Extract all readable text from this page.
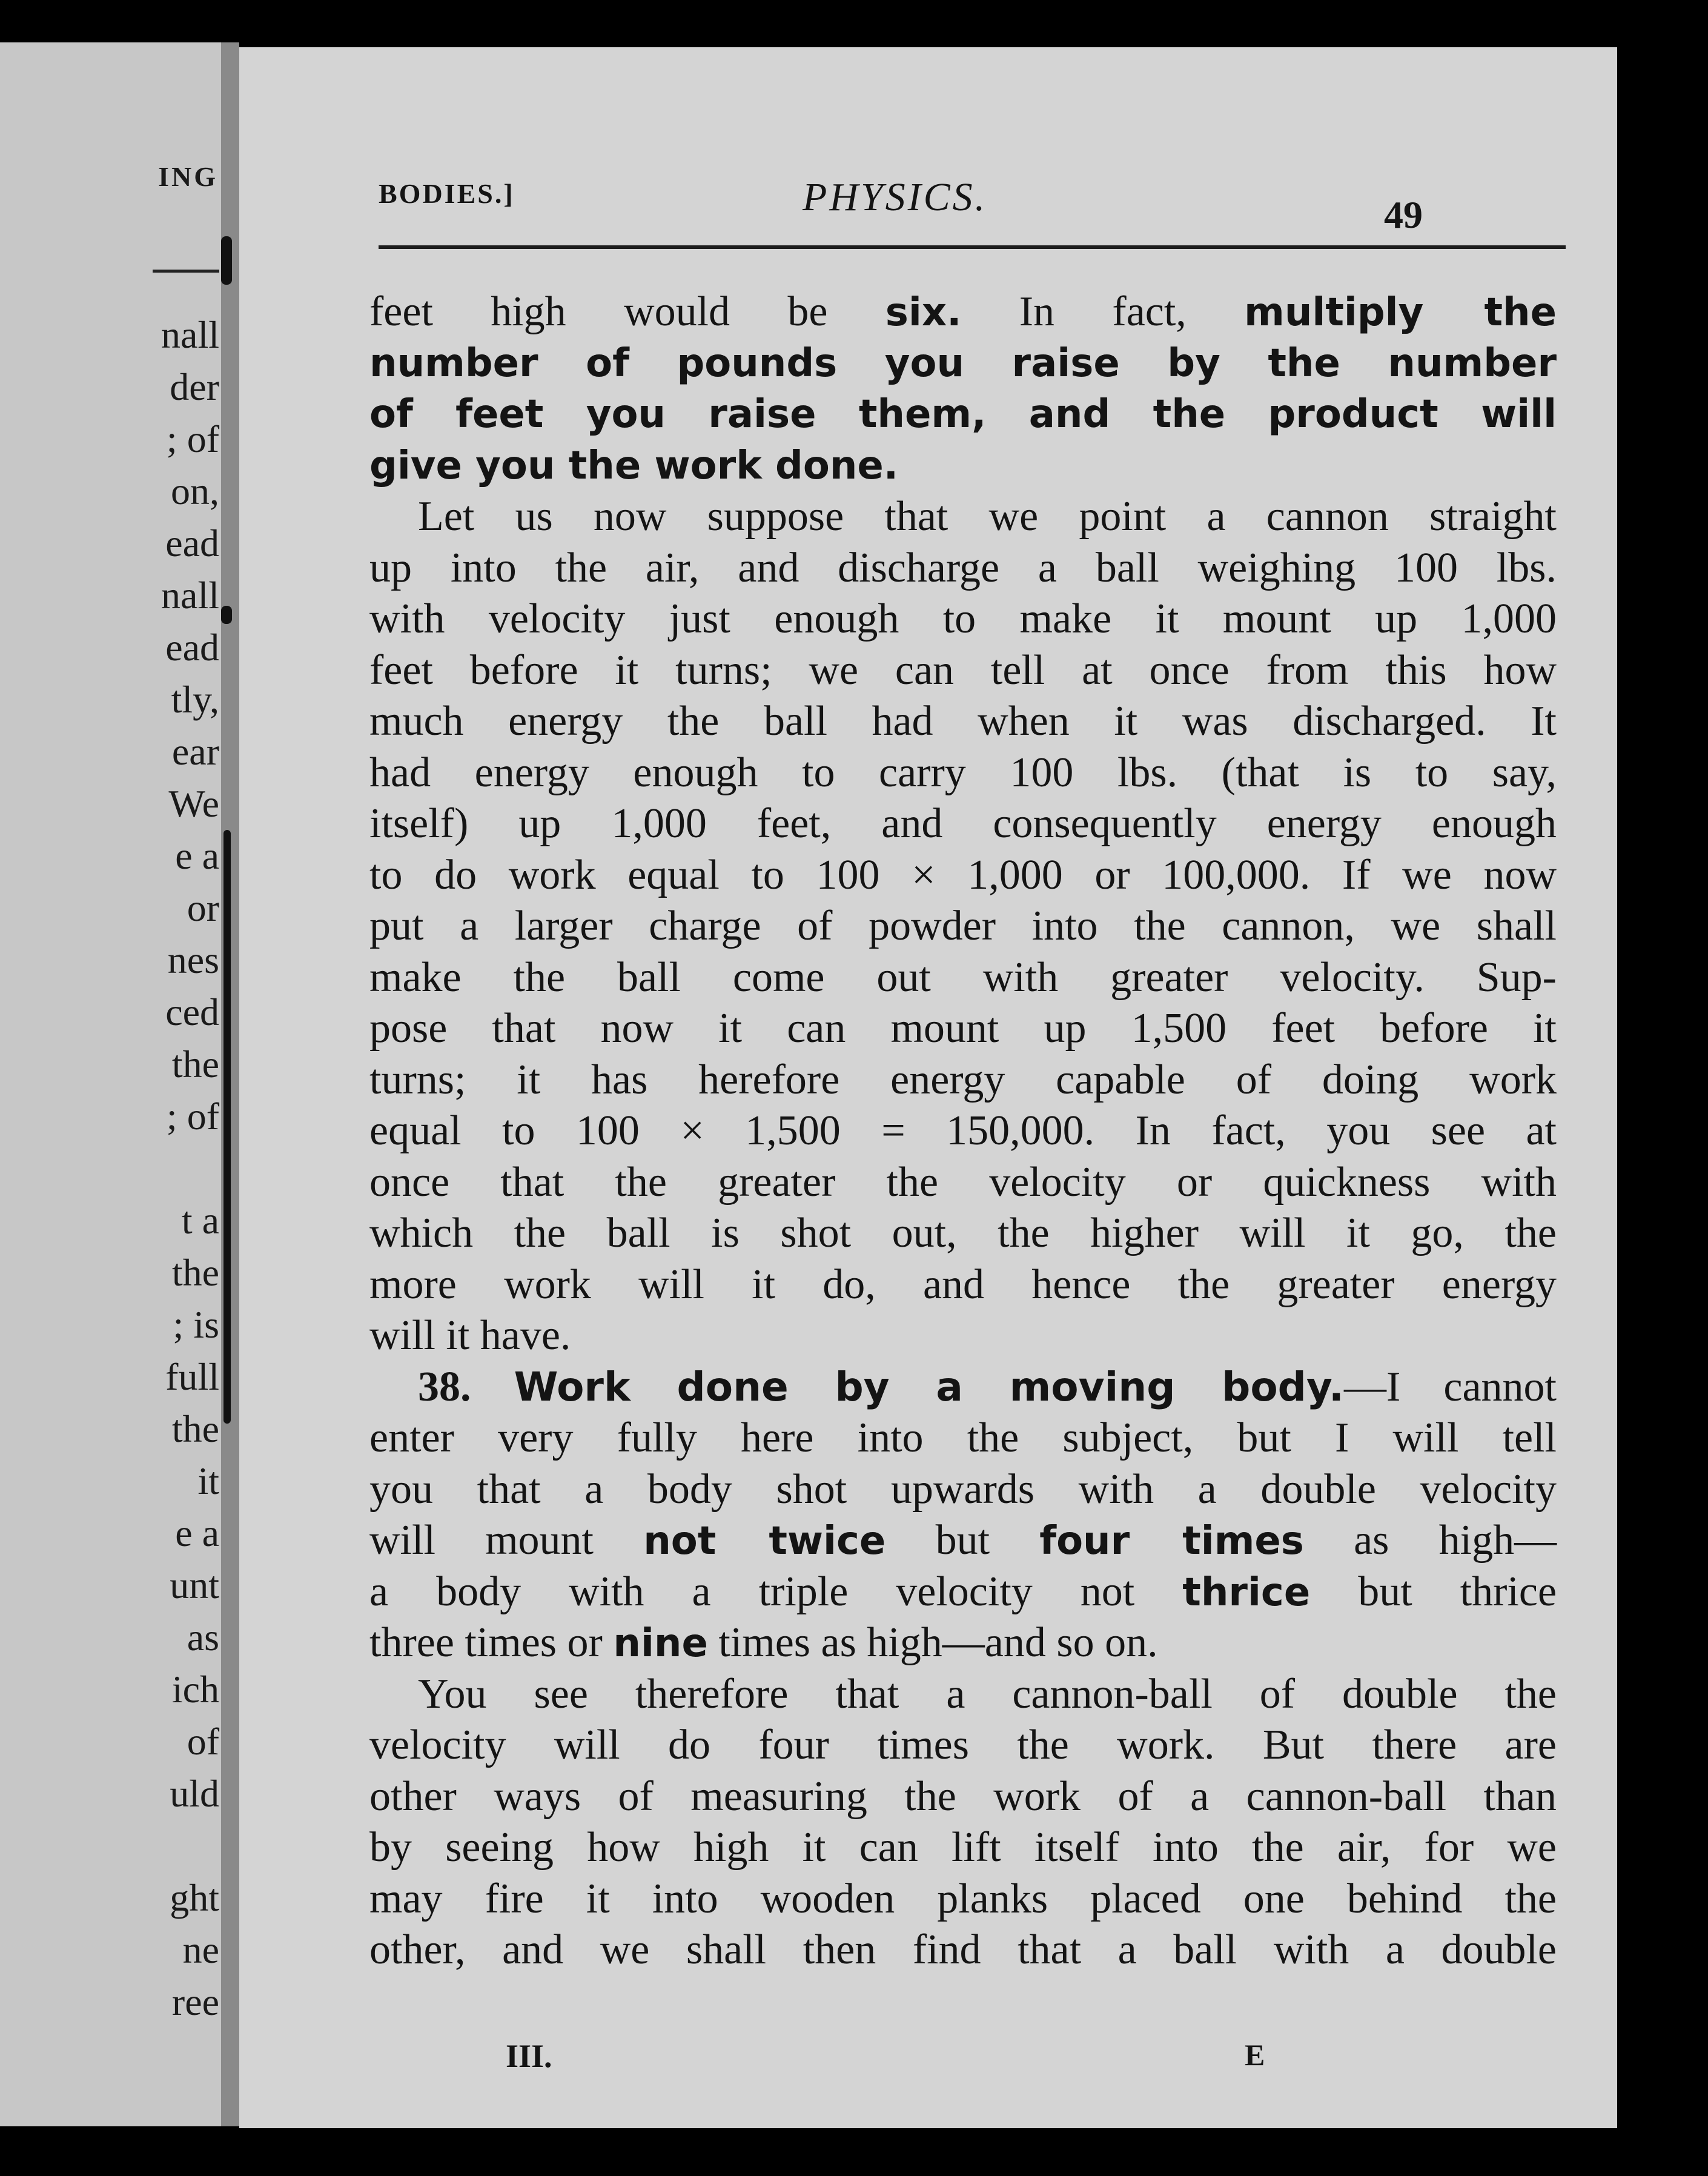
ING
nall
der
; of
on,
ead
nall
ead
tly,
ear
We
e a
or
nes
ced
the
; of
t a
the
; is
full
the
it
e a
unt
as
ich
of
uld
ght
ne
ree
BODIES.]	PHYSICS.	49
feet high would be six. In fact, multiply the
number of pounds you raise by the number
of feet you raise them, and the product will
give you the work done.
Let us now suppose that we point a cannon straight
up into the air, and discharge a ball weighing 100 lbs.
with velocity just enough to make it mount up 1,000
feet before it turns; we can tell at once from this how
much energy the ball had when it was discharged. It
had energy enough to carry 100 lbs. (that is to say,
itself) up 1,000 feet, and consequently energy enough
to do work equal to 100 × 1,000 or 100,000. If we now
put a larger charge of powder into the cannon, we shall
make the ball come out with greater velocity. Sup-
pose that now it can mount up 1,500 feet before it
turns; it has herefore energy capable of doing work
equal to 100 × 1,500 = 150,000. In fact, you see at
once that the greater the velocity or quickness with
which the ball is shot out, the higher will it go, the
more work will it do, and hence the greater energy
will it have.
38. Work done by a moving body.—I cannot
enter very fully here into the subject, but I will tell
you that a body shot upwards with a double velocity
will mount not twice but four times as high—
a body with a triple velocity not thrice but thrice
three times or nine times as high—and so on.
You see therefore that a cannon-ball of double the
velocity will do four times the work. But there are
other ways of measuring the work of a cannon-ball than
by seeing how high it can lift itself into the air, for we
may fire it into wooden planks placed one behind the
other, and we shall then find that a ball with a double
III.	E
